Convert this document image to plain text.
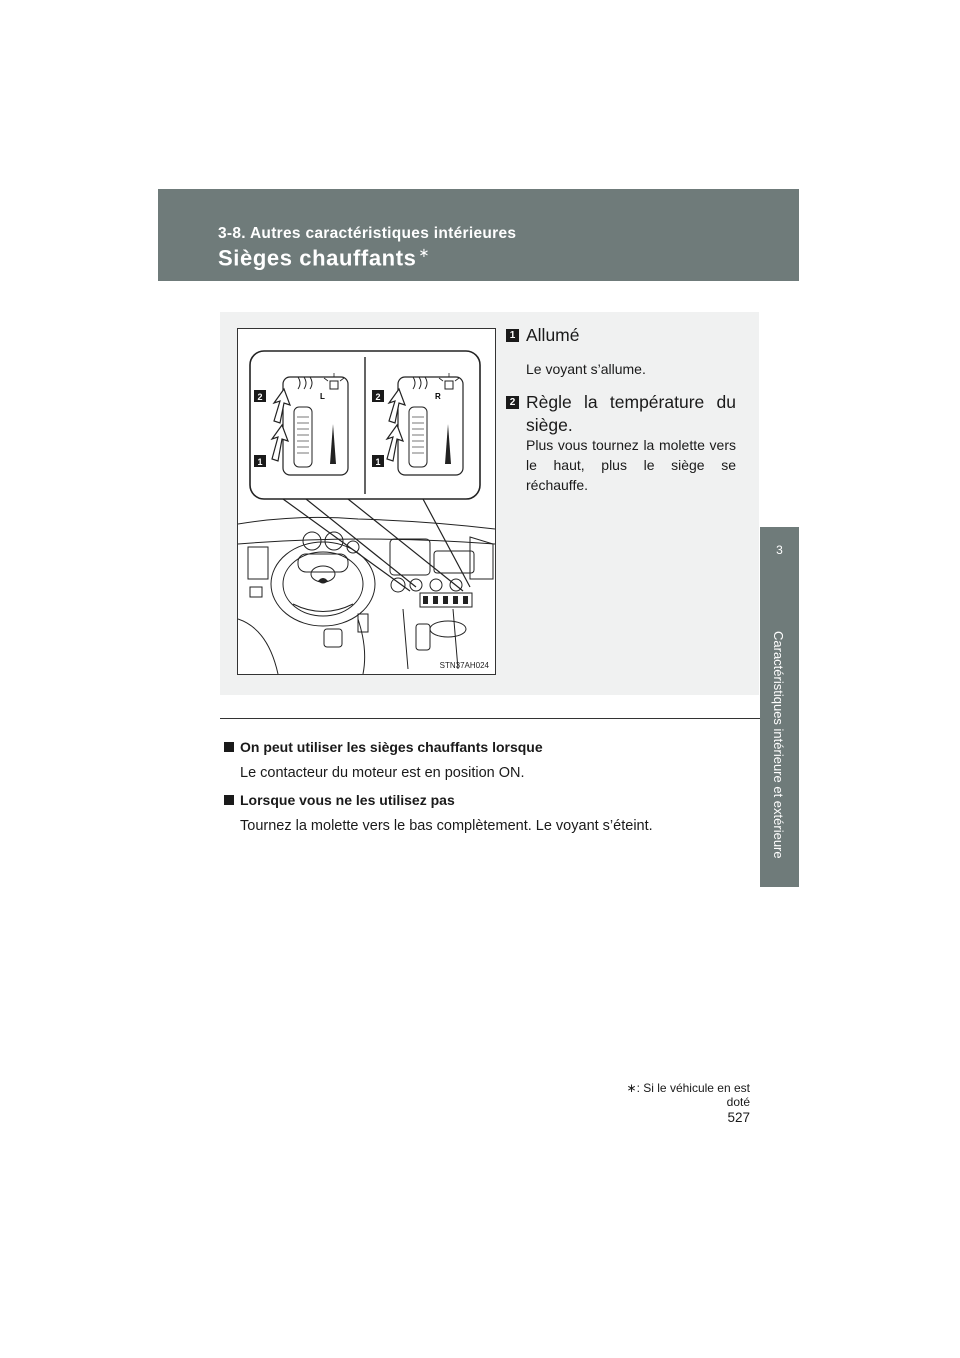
3-8. Autres caractéristiques intérieures
Sièges chauffants ∗
3
Caractéristiques intérieure et extérieure
L	R
2
1
2
1
STN37AH024
1 Allumé
Le voyant s’allume.
2 Règle la température du siège.
Plus vous tournez la molette vers le haut, plus le siège se réchauffe.
On peut utiliser les sièges chauffants lorsque
Le contacteur du moteur est en position ON.
Lorsque vous ne les utilisez pas
Tournez la molette vers le bas complètement. Le voyant s’éteint.
∗: Si le véhicule en est doté
527
